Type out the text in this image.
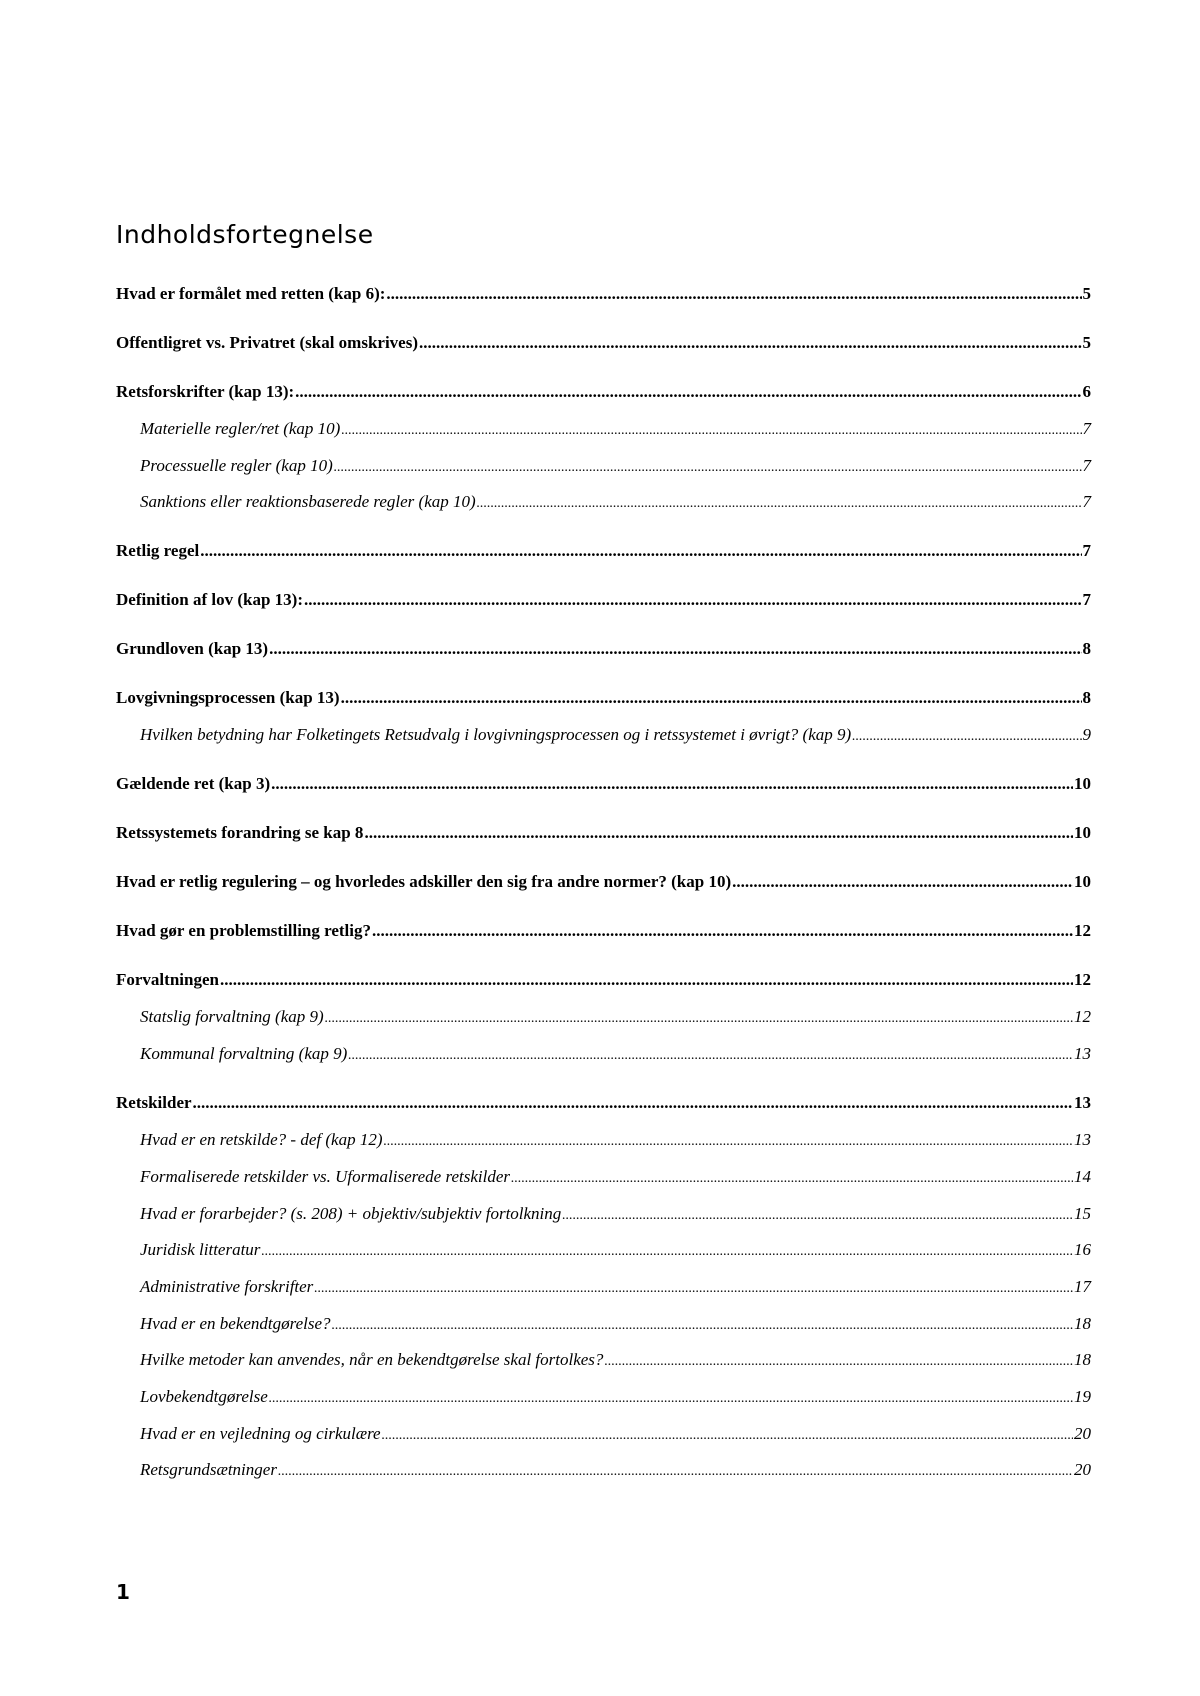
Indholdsfortegnelse
Hvad er formålet med retten (kap 6): .....	5
Offentligret vs. Privatret (skal omskrives) .....	5
Retsforskrifter (kap 13): .....	6
Materielle regler/ret (kap 10) .....	7
Processuelle regler (kap 10) .....	7
Sanktions eller reaktionsbaserede regler (kap 10) .....	7
Retlig regel .....	7
Definition af lov (kap 13): .....	7
Grundloven (kap 13) .....	8
Lovgivningsprocessen (kap 13) .....	8
Hvilken betydning har Folketingets Retsudvalg i lovgivningsprocessen og i retssystemet i øvrigt? (kap 9) .....	9
Gældende ret (kap 3) .....	10
Retssystemets forandring se kap 8 .....	10
Hvad er retlig regulering – og hvorledes adskiller den sig fra andre normer? (kap 10) .....	10
Hvad gør en problemstilling retlig? .....	12
Forvaltningen .....	12
Statslig forvaltning (kap 9) .....	12
Kommunal forvaltning (kap 9) .....	13
Retskilder .....	13
Hvad er en retskilde? - def (kap 12) .....	13
Formaliserede retskilder vs. Uformaliserede retskilder .....	14
Hvad er forarbejder? (s. 208) + objektiv/subjektiv fortolkning .....	15
Juridisk litteratur .....	16
Administrative forskrifter .....	17
Hvad er en bekendtgørelse? .....	18
Hvilke metoder kan anvendes, når en bekendtgørelse skal fortolkes? .....	18
Lovbekendtgørelse .....	19
Hvad er en vejledning og cirkulære .....	20
Retsgrundsætninger .....	20
1
